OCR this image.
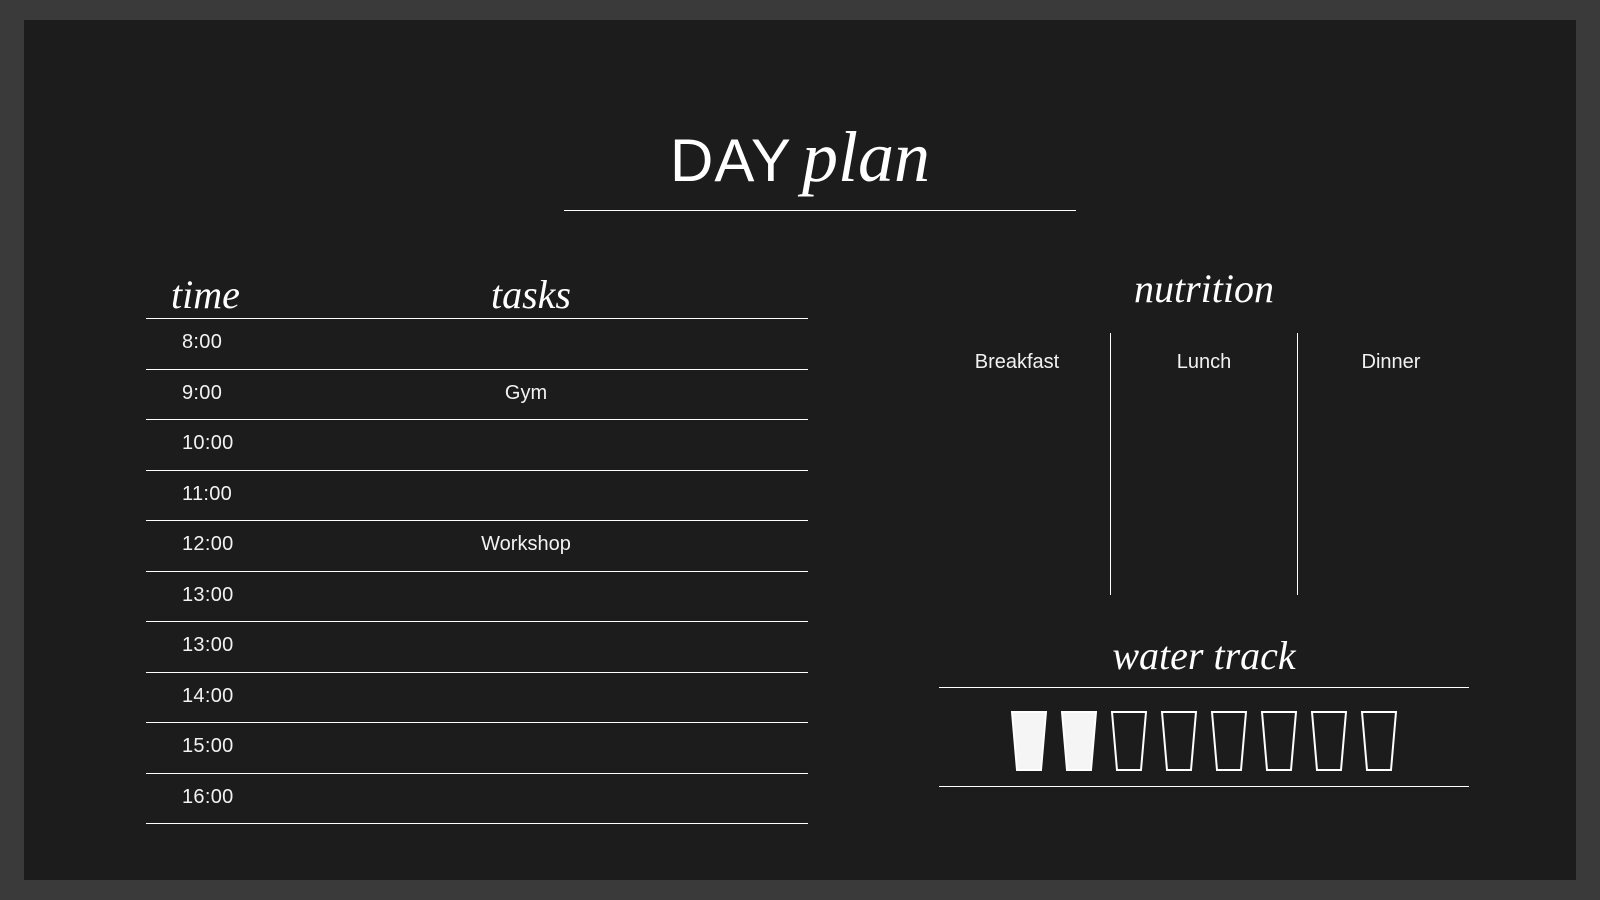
DAY plan
time	tasks
8:00
9:00	Gym
10:00
11:00
12:00	Workshop
13:00
13:00
14:00
15:00
16:00
nutrition
Breakfast	Lunch	Dinner
water track
